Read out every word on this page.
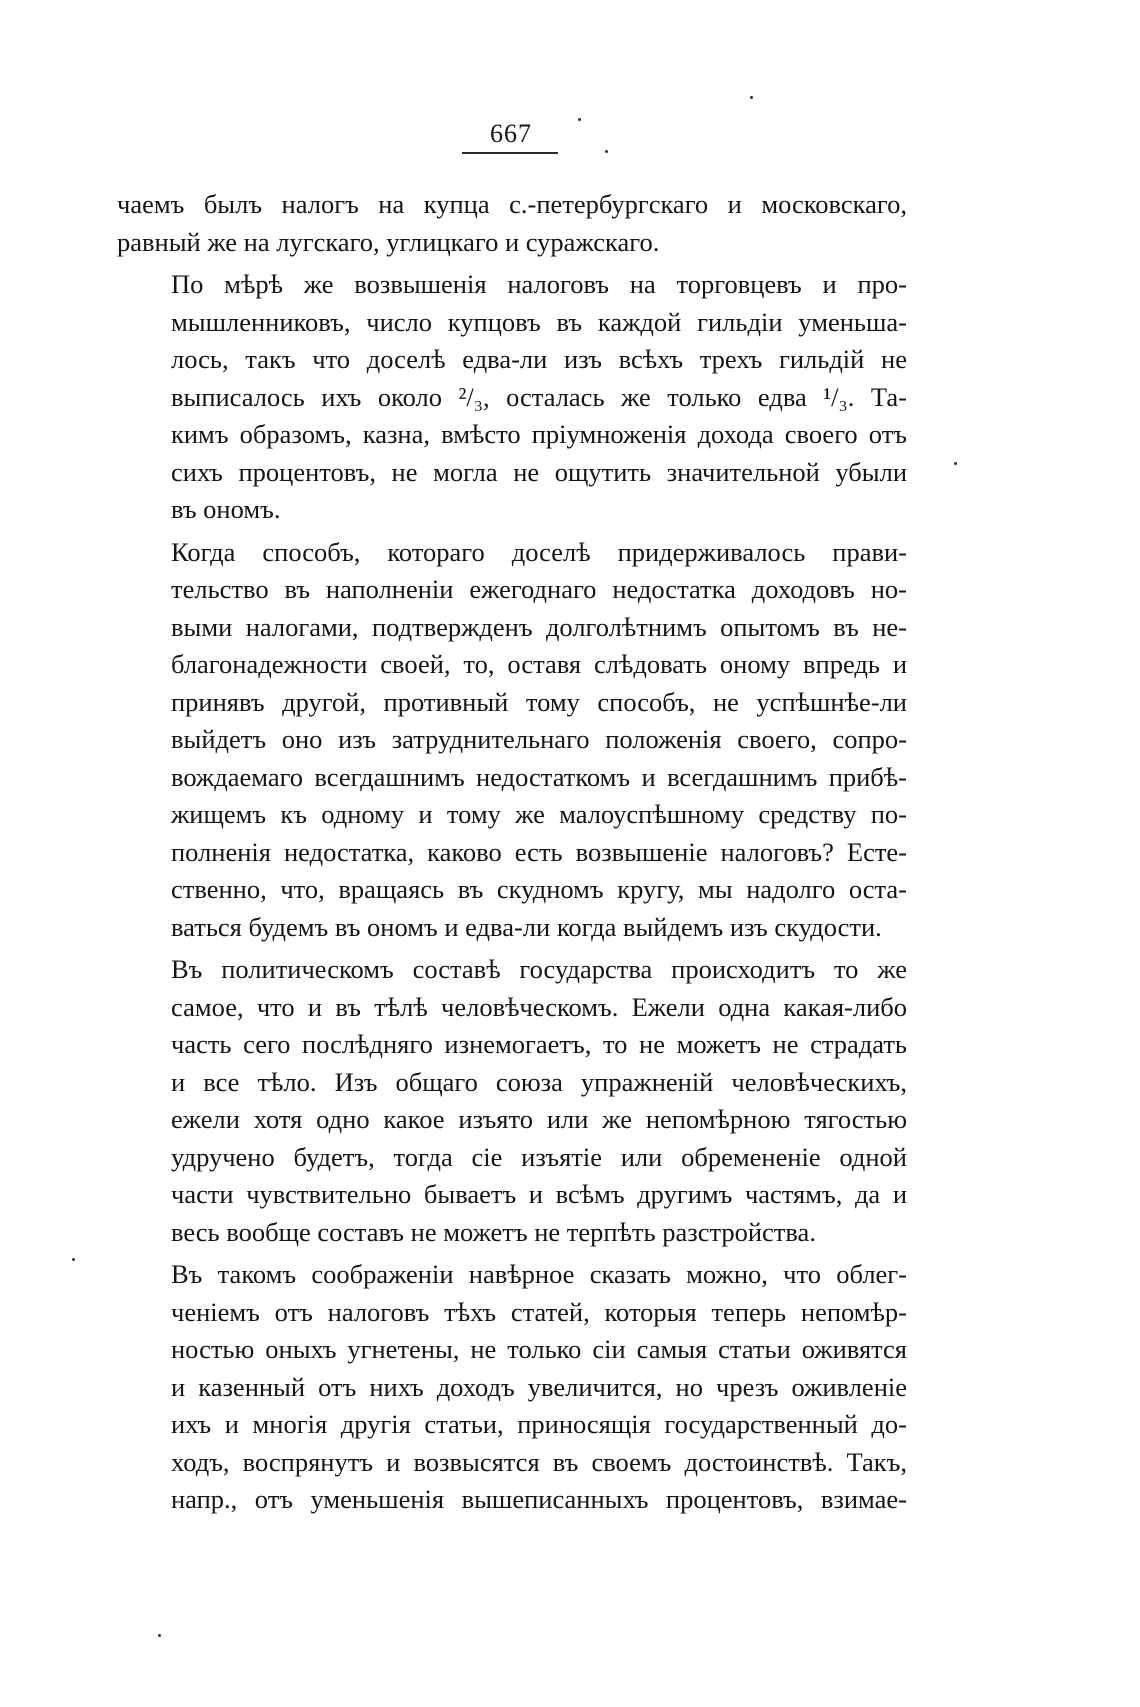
667

чаемъ былъ налогъ на купца с.-петербургскаго и московскаго,
равный же на лугскаго, углицкаго и суражскаго.

По мѣрѣ же возвышенія налоговъ на торговцевъ и про-
мышленниковъ, число купцовъ въ каждой гильдіи уменьша-
лось, такъ что доселѣ едва-ли изъ всѣхъ трехъ гильдій не
выписалось ихъ около ²/₃, осталась же только едва ¹/₃. Та-
кимъ образомъ, казна, вмѣсто пріумноженія дохода своего отъ
сихъ процентовъ, не могла не ощутить значительной убыли
въ ономъ.

Когда способъ, котораго доселѣ придерживалось прави-
тельство въ наполненіи ежегоднаго недостатка доходовъ но-
выми налогами, подтвержденъ долголѣтнимъ опытомъ въ не-
благонадежности своей, то, оставя слѣдовать оному впредь и
принявъ другой, противный тому способъ, не успѣшнѣе-ли
выйдетъ оно изъ затруднительнаго положенія своего, сопро-
вождаемаго всегдашнимъ недостаткомъ и всегдашнимъ прибѣ-
жищемъ къ одному и тому же малоуспѣшному средству по-
полненія недостатка, каково есть возвышеніе налоговъ? Есте-
ственно, что, вращаясь въ скудномъ кругу, мы надолго оста-
ваться будемъ въ ономъ и едва-ли когда выйдемъ изъ скудости.

Въ политическомъ составѣ государства происходитъ то же
самое, что и въ тѣлѣ человѣческомъ. Ежели одна какая-либо
часть сего послѣдняго изнемогаетъ, то не можетъ не страдать
и все тѣло. Изъ общаго союза упражненій человѣческихъ,
ежели хотя одно какое изъято или же непомѣрною тягостью
удручено будетъ, тогда сіе изъятіе или обремененіе одной
части чувствительно бываетъ и всѣмъ другимъ частямъ, да и
весь вообще составъ не можетъ не терпѣть разстройства.

Въ такомъ соображеніи навѣрное сказать можно, что облег-
ченіемъ отъ налоговъ тѣхъ статей, которыя теперь непомѣр-
ностью оныхъ угнетены, не только сіи самыя статьи оживятся
и казенный отъ нихъ доходъ увеличится, но чрезъ оживленіе
ихъ и многія другія статьи, приносящія государственный до-
ходъ, воспрянутъ и возвысятся въ своемъ достоинствѣ. Такъ,
напр., отъ уменьшенія вышеписанныхъ процентовъ, взимае-
